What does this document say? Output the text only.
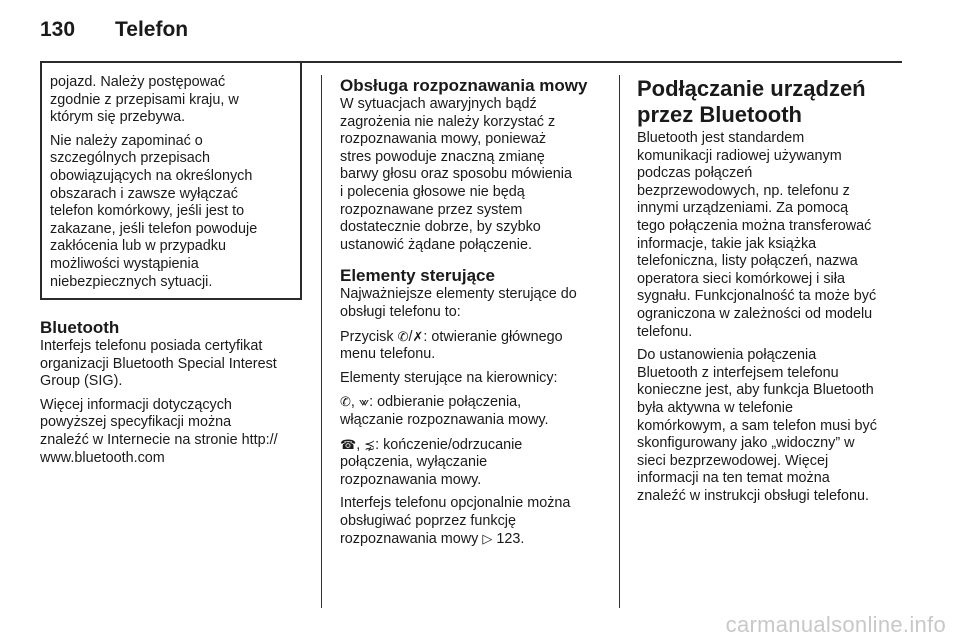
130 Telefon

pojazd. Należy postępować
zgodnie z przepisami kraju, w
którym się przebywa.

Nie należy zapominać o
szczególnych przepisach
obowiązujących na określonych
obszarach i zawsze wyłączać
telefon komórkowy, jeśli jest to
zakazane, jeśli telefon powoduje
zakłócenia lub w przypadku
możliwości wystąpienia
niebezpiecznych sytuacji.

Bluetooth

Interfejs telefonu posiada certyfikat
organizacji Bluetooth Special Interest
Group (SIG).

Więcej informacji dotyczących
powyższej specyfikacji można
znaleźć w Internecie na stronie http://
www.bluetooth.com

Obsługa rozpoznawania mowy

W sytuacjach awaryjnych bądź
zagrożenia nie należy korzystać z
rozpoznawania mowy, ponieważ
stres powoduje znaczną zmianę
barwy głosu oraz sposobu mówienia
i polecenia głosowe nie będą
rozpoznawane przez system
dostatecznie dobrze, by szybko
ustanowić żądane połączenie.

Elementy sterujące

Najważniejsze elementy sterujące do
obsługi telefonu to:

Przycisk ✆/✗: otwieranie głównego
menu telefonu.

Elementy sterujące na kierownicy:

✆, ⩖: odbieranie połączenia,
włączanie rozpoznawania mowy.

☎, ⋨: kończenie/odrzucanie
połączenia, wyłączanie
rozpoznawania mowy.

Interfejs telefonu opcjonalnie można
obsługiwać poprzez funkcję
rozpoznawania mowy ▷ 123.

Podłączanie urządzeń
przez Bluetooth

Bluetooth jest standardem
komunikacji radiowej używanym
podczas połączeń
bezprzewodowych, np. telefonu z
innymi urządzeniami. Za pomocą
tego połączenia można transferować
informacje, takie jak książka
telefoniczna, listy połączeń, nazwa
operatora sieci komórkowej i siła
sygnału. Funkcjonalność ta może być
ograniczona w zależności od modelu
telefonu.

Do ustanowienia połączenia
Bluetooth z interfejsem telefonu
konieczne jest, aby funkcja Bluetooth
była aktywna w telefonie
komórkowym, a sam telefon musi być
skonfigurowany jako „widoczny” w
sieci bezprzewodowej. Więcej
informacji na ten temat można
znaleźć w instrukcji obsługi telefonu.

carmanualsonline.info
